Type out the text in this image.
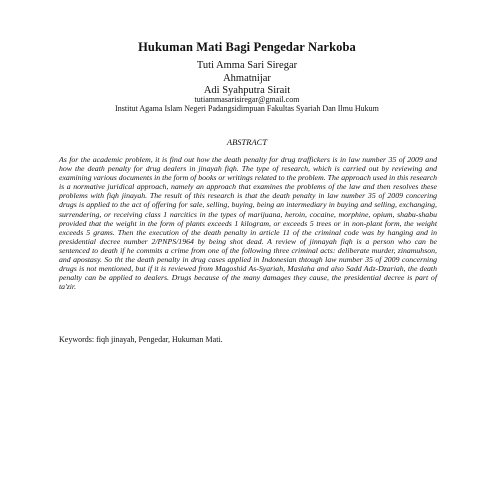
Hukuman Mati Bagi Pengedar Narkoba
Tuti Amma Sari Siregar
Ahmatnijar
Adi Syahputra Sirait
tutiammasarisiregar@gmail.com
Institut Agama Islam Negeri Padangsidimpuan Fakultas Syariah Dan Ilmu Hukum
ABSTRACT
As for the academic problem, it is find out how the death penalty for drug traffickers is in law number 35 of 2009 and how the death penalty for drug dealers in jinayah fiqh. The type of research, which is carried out by reviewing and examining various documents in the form of books or writings related to the problem. The approach used in this research is a normative juridical approach, namely an approach that examines the problems of the law and then resolves these problems with fiqh jinayah. The result of this research is that the death penalty in law number 35 of 2009 concering drugs is applied to the act of offering for sale, selling, buying, being an intermediary in buying and selling, exchanging, surrendering, or receiving class 1 narcitics in the types of marijuana, heroin, cocaine, morphine, opium, shabu-shabu provided that the weight in the form of plants exceeds 1 kilogram, or exceeds 5 trees or in non-plant form, the weight exceeds 5 grams. Then the execution of the death penalty in article 11 of the criminal code was by hanging and in presidential decree number 2/PNPS/1964 by being shot dead. A review of jinnayah fiqh is a person who can be sentenced to death if he commits a crime from one of the following three criminal acts: deliberate murder, zinamuhson, and apostasy. So tht the death penalty in drug cases applied in Indonesian thtough law number 35 of 2009 concerning drugs is not mentioned, but if it is reviewed from Magoshid As-Syariah, Maslaha and also Sadd Adz-Dzariah, the death penalty can be applied to dealers. Drugs because of the many damages they cause, the presidential decree is part of ta'zir.
Keywords: fiqh jinayah, Pengedar, Hukuman Mati.
